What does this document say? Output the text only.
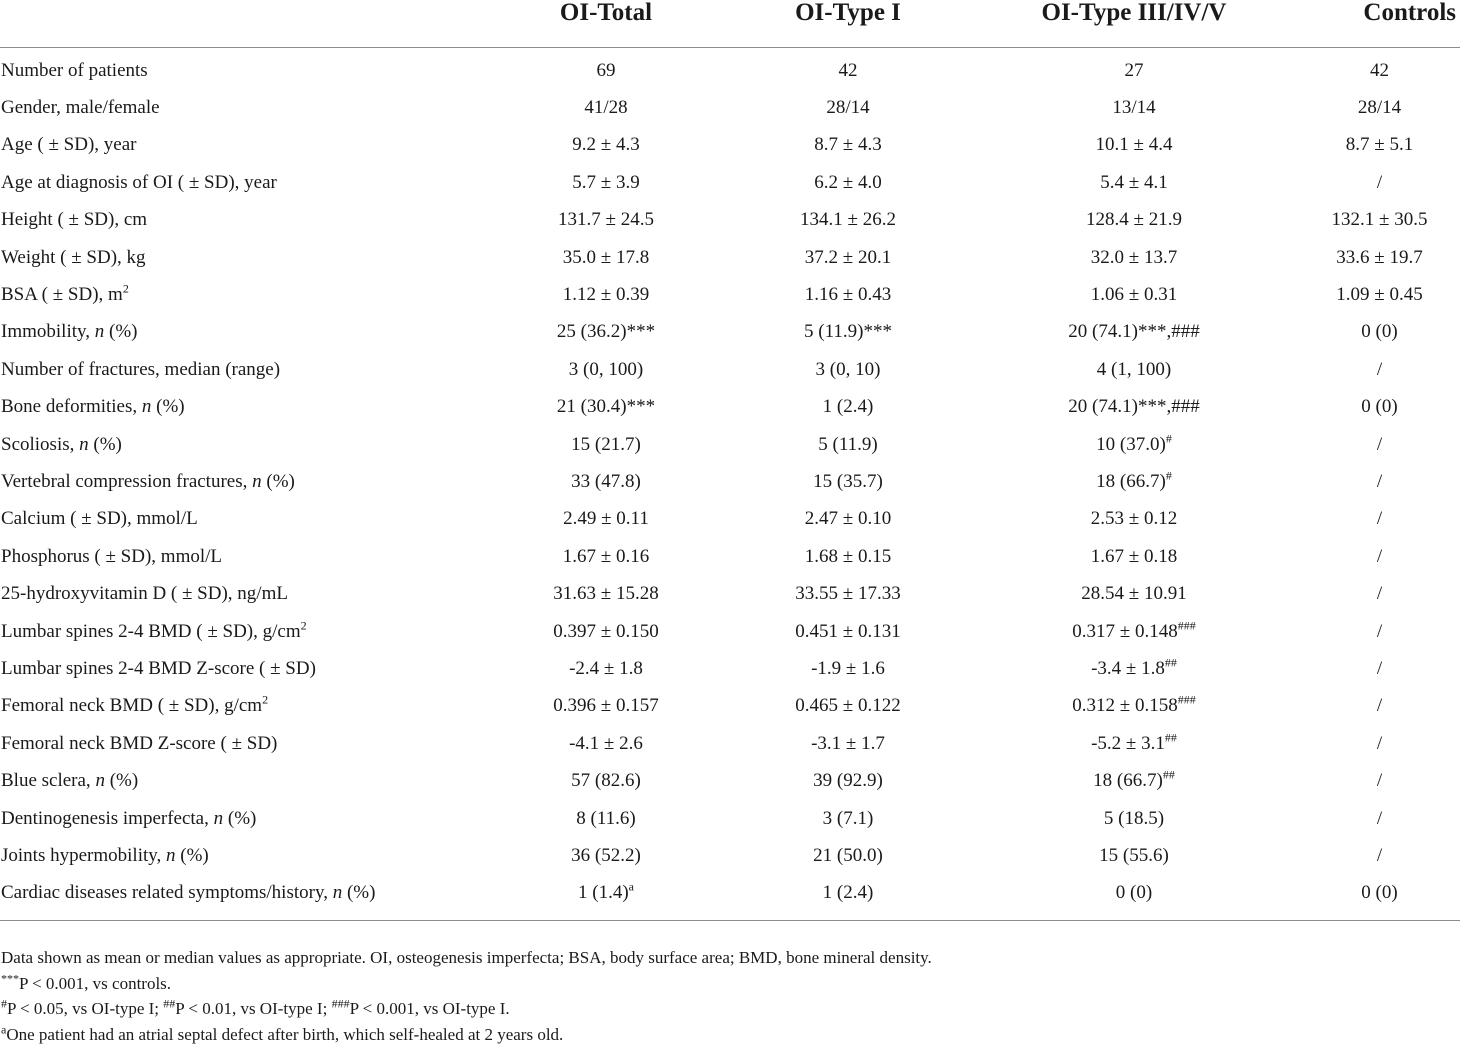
	OI-Total	OI-Type I	OI-Type III/IV/V	Controls
Number of patients	69	42	27	42
Gender, male/female	41/28	28/14	13/14	28/14
Age ( ± SD), year	9.2 ± 4.3	8.7 ± 4.3	10.1 ± 4.4	8.7 ± 5.1
Age at diagnosis of OI ( ± SD), year	5.7 ± 3.9	6.2 ± 4.0	5.4 ± 4.1	/
Height ( ± SD), cm	131.7 ± 24.5	134.1 ± 26.2	128.4 ± 21.9	132.1 ± 30.5
Weight ( ± SD), kg	35.0 ± 17.8	37.2 ± 20.1	32.0 ± 13.7	33.6 ± 19.7
BSA ( ± SD), $m^2$	1.12 ± 0.39	1.16 ± 0.43	1.06 ± 0.31	1.09 ± 0.45
Immobility, n (%)	25 (36.2)***	5 (11.9)***	20 (74.1)***,###	0 (0)
Number of fractures, median (range)	3 (0, 100)	3 (0, 10)	4 (1, 100)	/
Bone deformities, n (%)	21 (30.4)***	1 (2.4)	20 (74.1)***,###	0 (0)
Scoliosis, n (%)	15 (21.7)	5 (11.9)	10 (37.0)#	/
Vertebral compression fractures, n (%)	33 (47.8)	15 (35.7)	18 (66.7)#	/
Calcium ( ± SD), mmol/L	2.49 ± 0.11	2.47 ± 0.10	2.53 ± 0.12	/
Phosphorus ( ± SD), mmol/L	1.67 ± 0.16	1.68 ± 0.15	1.67 ± 0.18	/
25-hydroxyvitamin D ( ± SD), ng/mL	31.63 ± 15.28	33.55 ± 17.33	28.54 ± 10.91	/
Lumbar spines 2-4 BMD ( ± SD), $g/cm^2$	0.397 ± 0.150	0.451 ± 0.131	0.317 ± 0.148###	/
Lumbar spines 2-4 BMD Z-score ( ± SD)	-2.4 ± 1.8	-1.9 ± 1.6	-3.4 ± 1.8##	/
Femoral neck BMD ( ± SD), $g/cm^2$	0.396 ± 0.157	0.465 ± 0.122	0.312 ± 0.158###	/
Femoral neck BMD Z-score ( ± SD)	-4.1 ± 2.6	-3.1 ± 1.7	-5.2 ± 3.1##	/
Blue sclera, n (%)	57 (82.6)	39 (92.9)	18 (66.7)##	/
Dentinogenesis imperfecta, n (%)	8 (11.6)	3 (7.1)	5 (18.5)	/
Joints hypermobility, n (%)	36 (52.2)	21 (50.0)	15 (55.6)	/
Cardiac diseases related symptoms/history, n (%)	1 $(1.4)^a$	1 (2.4)	0 (0)	0 (0)
Data shown as mean or median values as appropriate. OI, osteogenesis imperfecta; BSA, body surface area; BMD, bone mineral density.
***P < 0.001, vs controls.
#P < 0.05, vs OI-type I; ##P < 0.01, vs OI-type I; ###P < 0.001, vs OI-type I.
$^a$One patient had an atrial septal defect after birth, which self-healed at 2 years old.
